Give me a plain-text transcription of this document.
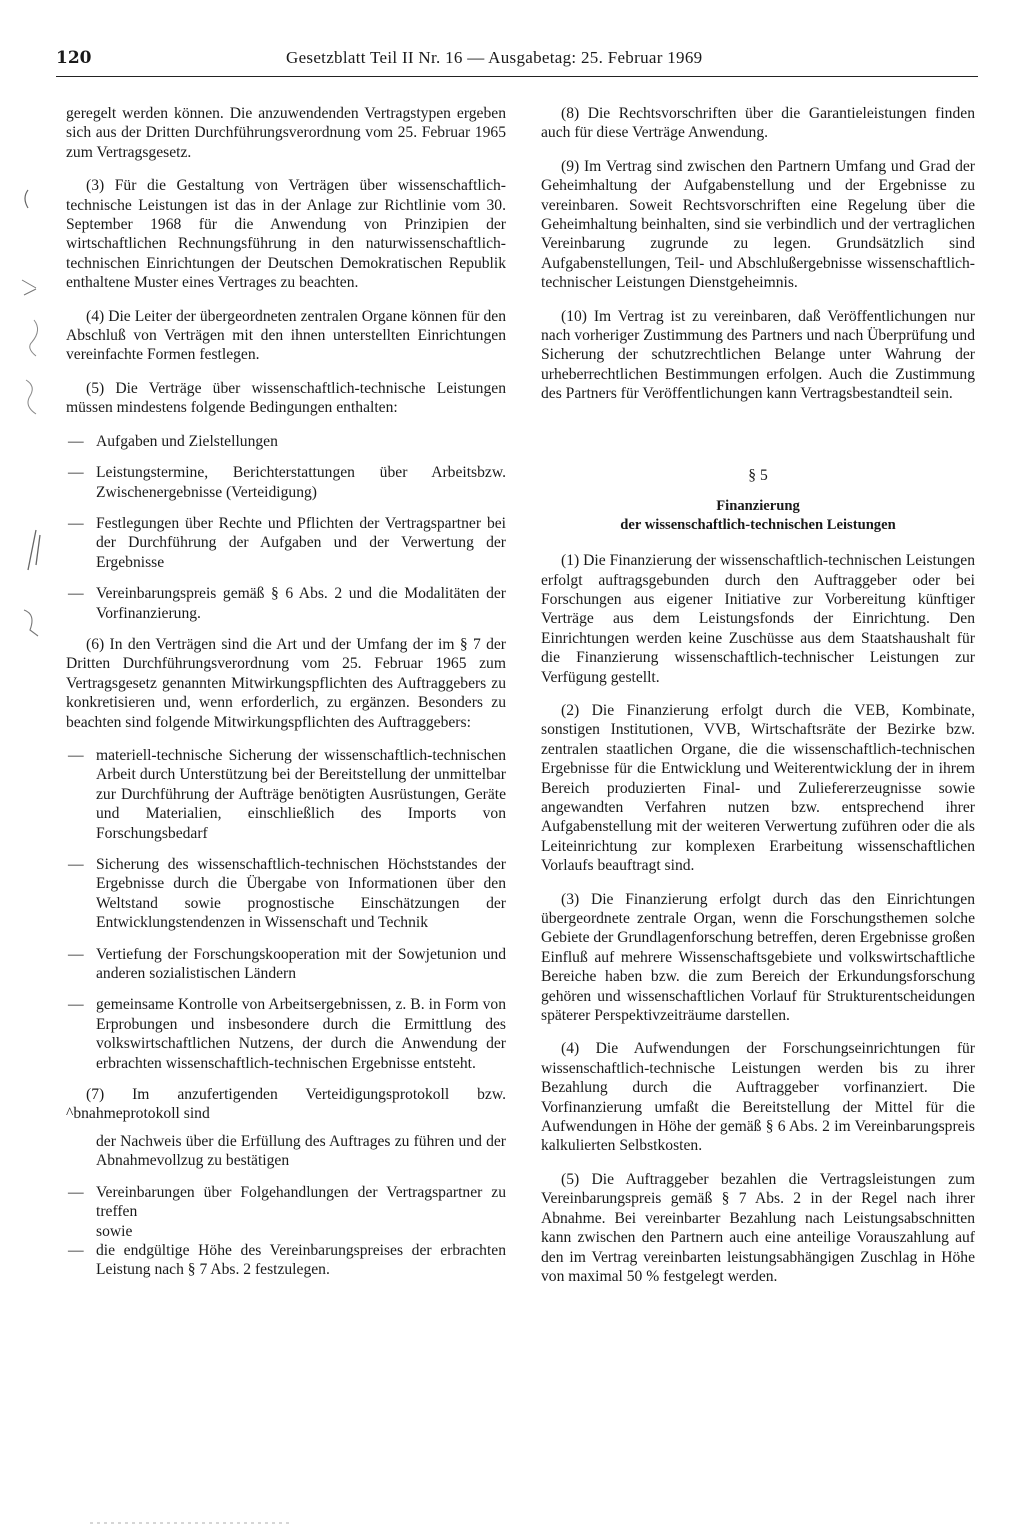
120	Gesetzblatt Teil II Nr. 16 — Ausgabetag: 25. Februar 1969

geregelt werden können. Die anzuwendenden Vertragstypen ergeben sich aus der Dritten Durchführungsverordnung vom 25. Februar 1965 zum Vertragsgesetz.

(3) Für die Gestaltung von Verträgen über wissenschaftlich-technische Leistungen ist das in der Anlage zur Richtlinie vom 30. September 1968 für die Anwendung von Prinzipien der wirtschaftlichen Rechnungsführung in den naturwissenschaftlich-technischen Einrichtungen der Deutschen Demokratischen Republik enthaltene Muster eines Vertrages zu beachten.

(4) Die Leiter der übergeordneten zentralen Organe können für den Abschluß von Verträgen mit den ihnen unterstellten Einrichtungen vereinfachte Formen festlegen.

(5) Die Verträge über wissenschaftlich-technische Leistungen müssen mindestens folgende Bedingungen enthalten:

— Aufgaben und Zielstellungen
— Leistungstermine, Berichterstattungen über Arbeitsbzw. Zwischenergebnisse (Verteidigung)
— Festlegungen über Rechte und Pflichten der Vertragspartner bei der Durchführung der Aufgaben und der Verwertung der Ergebnisse
— Vereinbarungspreis gemäß § 6 Abs. 2 und die Modalitäten der Vorfinanzierung.

(6) In den Verträgen sind die Art und der Umfang der im § 7 der Dritten Durchführungsverordnung vom 25. Februar 1965 zum Vertragsgesetz genannten Mitwirkungspflichten des Auftraggebers zu konkretisieren und, wenn erforderlich, zu ergänzen. Besonders zu beachten sind folgende Mitwirkungspflichten des Auftraggebers:

— materiell-technische Sicherung der wissenschaftlich-technischen Arbeit durch Unterstützung bei der Bereitstellung der unmittelbar zur Durchführung der Aufträge benötigten Ausrüstungen, Geräte und Materialien, einschließlich des Imports von Forschungsbedarf
— Sicherung des wissenschaftlich-technischen Höchststandes der Ergebnisse durch die Übergabe von Informationen über den Weltstand sowie prognostische Einschätzungen der Entwicklungstendenzen in Wissenschaft und Technik
— Vertiefung der Forschungskooperation mit der Sowjetunion und anderen sozialistischen Ländern
— gemeinsame Kontrolle von Arbeitsergebnissen, z. B. in Form von Erprobungen und insbesondere durch die Ermittlung des volkswirtschaftlichen Nutzens, der durch die Anwendung der erbrachten wissenschaftlich-technischen Ergebnisse entsteht.

(7) Im anzufertigenden Verteidigungsprotokoll bzw. ^bnahmeprotokoll sind

der Nachweis über die Erfüllung des Auftrages zu führen und der Abnahmevollzug zu bestätigen
— Vereinbarungen über Folgehandlungen der Vertragspartner zu treffen
sowie
— die endgültige Höhe des Vereinbarungspreises der erbrachten Leistung nach § 7 Abs. 2 festzulegen.

(8) Die Rechtsvorschriften über die Garantieleistungen finden auch für diese Verträge Anwendung.

(9) Im Vertrag sind zwischen den Partnern Umfang und Grad der Geheimhaltung der Aufgabenstellung und der Ergebnisse zu vereinbaren. Soweit Rechtsvorschriften eine Regelung über die Geheimhaltung beinhalten, sind sie verbindlich und der vertraglichen Vereinbarung zugrunde zu legen. Grundsätzlich sind Aufgabenstellungen, Teil- und Abschlußergebnisse wissenschaftlich-technischer Leistungen Dienstgeheimnis.

(10) Im Vertrag ist zu vereinbaren, daß Veröffentlichungen nur nach vorheriger Zustimmung des Partners und nach Überprüfung und Sicherung der schutzrechtlichen Belange unter Wahrung der urheberrechtlichen Bestimmungen erfolgen. Auch die Zustimmung des Partners für Veröffentlichungen kann Vertragsbestandteil sein.

§ 5
Finanzierung
der wissenschaftlich-technischen Leistungen

(1) Die Finanzierung der wissenschaftlich-technischen Leistungen erfolgt auftragsgebunden durch den Auftraggeber oder bei Forschungen aus eigener Initiative zur Vorbereitung künftiger Verträge aus dem Leistungsfonds der Einrichtung. Den Einrichtungen werden keine Zuschüsse aus dem Staatshaushalt für die Finanzierung wissenschaftlich-technischer Leistungen zur Verfügung gestellt.

(2) Die Finanzierung erfolgt durch die VEB, Kombinate, sonstigen Institutionen, VVB, Wirtschaftsräte der Bezirke bzw. zentralen staatlichen Organe, die die wissenschaftlich-technischen Ergebnisse für die Entwicklung und Weiterentwicklung der in ihrem Bereich produzierten Final- und Zuliefererzeugnisse sowie angewandten Verfahren nutzen bzw. entsprechend ihrer Aufgabenstellung mit der weiteren Verwertung zuführen oder die als Leiteinrichtung zur komplexen Erarbeitung wissenschaftlichen Vorlaufs beauftragt sind.

(3) Die Finanzierung erfolgt durch das den Einrichtungen übergeordnete zentrale Organ, wenn die Forschungsthemen solche Gebiete der Grundlagenforschung betreffen, deren Ergebnisse großen Einfluß auf mehrere Wissenschaftsgebiete und volkswirtschaftliche Bereiche haben bzw. die zum Bereich der Erkundungsforschung gehören und wissenschaftlichen Vorlauf für Strukturentscheidungen späterer Perspektivzeiträume darstellen.

(4) Die Aufwendungen der Forschungseinrichtungen für wissenschaftlich-technische Leistungen werden bis zu ihrer Bezahlung durch die Auftraggeber vorfinanziert. Die Vorfinanzierung umfaßt die Bereitstellung der Mittel für die Aufwendungen in Höhe der gemäß § 6 Abs. 2 im Vereinbarungspreis kalkulierten Selbstkosten.

(5) Die Auftraggeber bezahlen die Vertragsleistungen zum Vereinbarungspreis gemäß § 7 Abs. 2 in der Regel nach ihrer Abnahme. Bei vereinbarter Bezahlung nach Leistungsabschnitten kann zwischen den Partnern auch eine anteilige Vorauszahlung auf den im Vertrag vereinbarten leistungsabhängigen Zuschlag in Höhe von maximal 50 % festgelegt werden.
